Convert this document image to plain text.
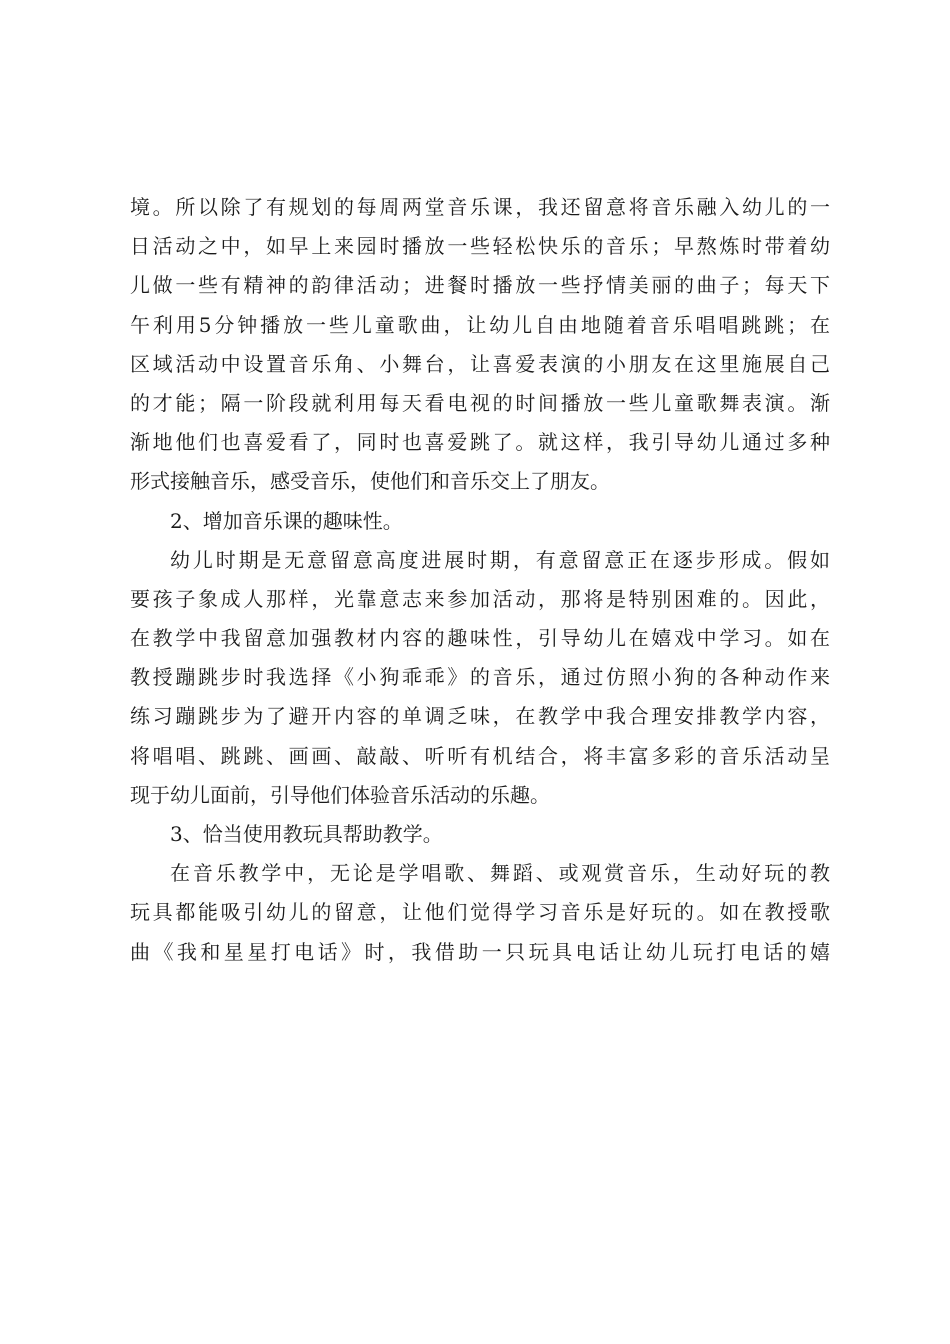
境。所以除了有规划的每周两堂音乐课，我还留意将音乐融入幼儿的一
日活动之中，如早上来园时播放一些轻松快乐的音乐；早熬炼时带着幼
儿做一些有精神的韵律活动；进餐时播放一些抒情美丽的曲子；每天下
午利用5分钟播放一些儿童歌曲，让幼儿自由地随着音乐唱唱跳跳；在
区域活动中设置音乐角、小舞台，让喜爱表演的小朋友在这里施展自己
的才能；隔一阶段就利用每天看电视的时间播放一些儿童歌舞表演。渐
渐地他们也喜爱看了，同时也喜爱跳了。就这样，我引导幼儿通过多种
形式接触音乐，感受音乐，使他们和音乐交上了朋友。
2、增加音乐课的趣味性。
幼儿时期是无意留意高度进展时期，有意留意正在逐步形成。假如
要孩子象成人那样，光靠意志来参加活动，那将是特别困难的。因此，
在教学中我留意加强教材内容的趣味性，引导幼儿在嬉戏中学习。如在
教授蹦跳步时我选择《小狗乖乖》的音乐，通过仿照小狗的各种动作来
练习蹦跳步为了避开内容的单调乏味，在教学中我合理安排教学内容，
将唱唱、跳跳、画画、敲敲、听听有机结合，将丰富多彩的音乐活动呈
现于幼儿面前，引导他们体验音乐活动的乐趣。
3、恰当使用教玩具帮助教学。
在音乐教学中，无论是学唱歌、舞蹈、或观赏音乐，生动好玩的教
玩具都能吸引幼儿的留意，让他们觉得学习音乐是好玩的。如在教授歌
曲《我和星星打电话》时，我借助一只玩具电话让幼儿玩打电话的嬉
